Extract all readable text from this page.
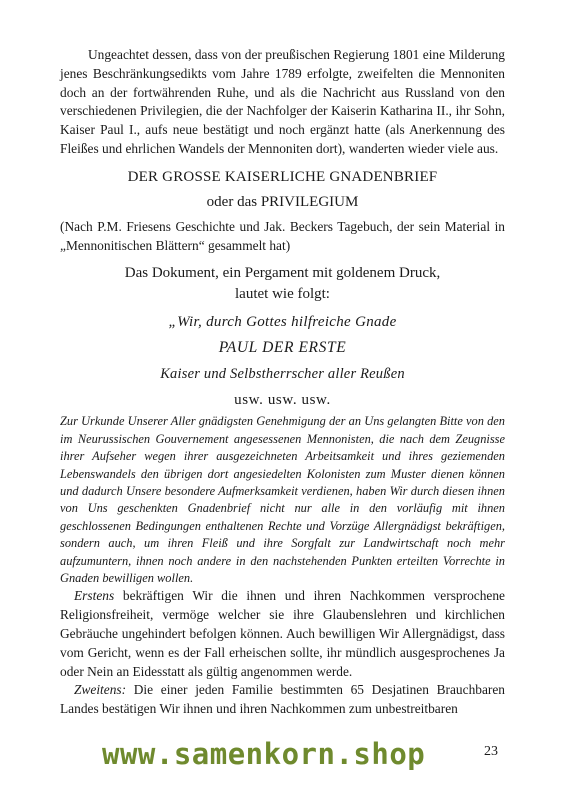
Ungeachtet dessen, dass von der preußischen Regierung 1801 eine Milderung jenes Beschränkungsedikts vom Jahre 1789 erfolgte, zweifelten die Mennoniten doch an der fortwährenden Ruhe, und als die Nachricht aus Russland von den verschiedenen Privilegien, die der Nachfolger der Kaiserin Katharina II., ihr Sohn, Kaiser Paul I., aufs neue bestätigt und noch ergänzt hatte (als Anerkennung des Fleißes und ehrlichen Wandels der Mennoniten dort), wanderten wieder viele aus.

DER GROSSE KAISERLICHE GNADENBRIEF

oder das PRIVILEGIUM

(Nach P.M. Friesens Geschichte und Jak. Beckers Tagebuch, der sein Material in „Mennonitischen Blättern“ gesammelt hat)

Das Dokument, ein Pergament mit goldenem Druck,
lautet wie folgt:

„Wir, durch Gottes hilfreiche Gnade

PAUL DER ERSTE

Kaiser und Selbstherrscher aller Reußen

usw. usw. usw.

Zur Urkunde Unserer Aller gnädigsten Genehmigung der an Uns gelangten Bitte von den im Neurussischen Gouvernement angesessenen Mennonisten, die nach dem Zeugnisse ihrer Aufseher wegen ihrer ausgezeichneten Arbeitsamkeit und ihres geziemenden Lebenswandels den übrigen dort angesiedelten Kolonisten zum Muster dienen können und dadurch Unsere besondere Aufmerksamkeit verdienen, haben Wir durch diesen ihnen von Uns geschenkten Gnadenbrief nicht nur alle in den vorläufig mit ihnen geschlossenen Bedingungen enthaltenen Rechte und Vorzüge Allergnädigst bekräftigen, sondern auch, um ihren Fleiß und ihre Sorgfalt zur Landwirtschaft noch mehr aufzumuntern, ihnen noch andere in den nachstehenden Punkten erteilten Vorrechte in Gnaden bewilligen wollen.

Erstens bekräftigen Wir die ihnen und ihren Nachkommen versprochene Religionsfreiheit, vermöge welcher sie ihre Glaubenslehren und kirchlichen Gebräuche ungehindert befolgen können. Auch bewilligen Wir Allergnädigst, dass vom Gericht, wenn es der Fall erheischen sollte, ihr mündlich ausgesprochenes Ja oder Nein an Eidesstatt als gültig angenommen werde.

Zweitens: Die einer jeden Familie bestimmten 65 Desjatinen Brauchbaren Landes bestätigen Wir ihnen und ihren Nachkommen zum unbestreitbaren

www.samenkorn.shop	23
